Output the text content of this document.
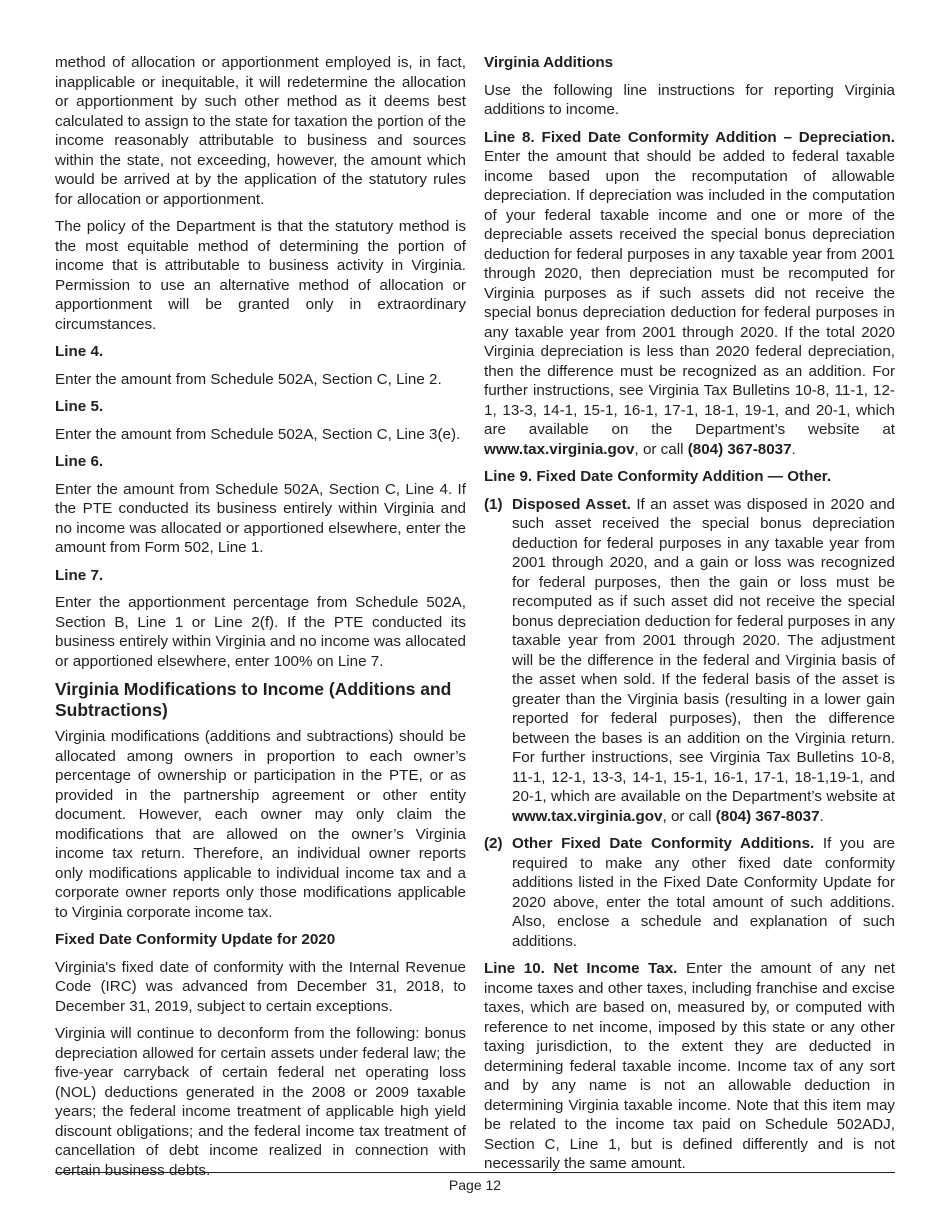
method of allocation or apportionment employed is, in fact, inapplicable or inequitable, it will redetermine the allocation or apportionment by such other method as it deems best calculated to assign to the state for taxation the portion of the income reasonably attributable to business and sources within the state, not exceeding, however, the amount which would be arrived at by the application of the statutory rules for allocation or apportionment.

The policy of the Department is that the statutory method is the most equitable method of determining the portion of income that is attributable to business activity in Virginia. Permission to use an alternative method of allocation or apportionment will be granted only in extraordinary circumstances.

Line 4.

Enter the amount from Schedule 502A, Section C, Line 2.

Line 5.

Enter the amount from Schedule 502A, Section C, Line 3(e).

Line 6.

Enter the amount from Schedule 502A, Section C, Line 4. If the PTE conducted its business entirely within Virginia and no income was allocated or apportioned elsewhere, enter the amount from Form 502, Line 1.

Line 7.

Enter the apportionment percentage from Schedule 502A, Section B, Line 1 or Line 2(f). If the PTE conducted its business entirely within Virginia and no income was allocated or apportioned elsewhere, enter 100% on Line 7.

Virginia Modifications to Income (Additions and Subtractions)

Virginia modifications (additions and subtractions) should be allocated among owners in proportion to each owner’s percentage of ownership or participation in the PTE, or as provided in the partnership agreement or other entity document. However, each owner may only claim the modifications that are allowed on the owner’s Virginia income tax return. Therefore, an individual owner reports only modifications applicable to individual income tax and a corporate owner reports only those modifications applicable to Virginia corporate income tax.

Fixed Date Conformity Update for 2020

Virginia's fixed date of conformity with the Internal Revenue Code (IRC) was advanced from December 31, 2018, to December 31, 2019, subject to certain exceptions.

Virginia will continue to deconform from the following: bonus depreciation allowed for certain assets under federal law; the five-year carryback of certain federal net operating loss (NOL) deductions generated in the 2008 or 2009 taxable years; the federal income treatment of applicable high yield discount obligations; and the federal income tax treatment of cancellation of debt income realized in connection with certain business debts.

Virginia Additions

Use the following line instructions for reporting Virginia additions to income.

Line 8. Fixed Date Conformity Addition – Depreciation. Enter the amount that should be added to federal taxable income based upon the recomputation of allowable depreciation. If depreciation was included in the computation of your federal taxable income and one or more of the depreciable assets received the special bonus depreciation deduction for federal purposes in any taxable year from 2001 through 2020, then depreciation must be recomputed for Virginia purposes as if such assets did not receive the special bonus depreciation deduction for federal purposes in any taxable year from 2001 through 2020. If the total 2020 Virginia depreciation is less than 2020 federal depreciation, then the difference must be recognized as an addition. For further instructions, see Virginia Tax Bulletins 10-8, 11-1, 12-1, 13-3, 14-1, 15-1, 16-1, 17-1, 18-1, 19-1, and 20-1, which are available on the Department’s website at www.tax.virginia.gov, or call (804) 367-8037.

Line 9. Fixed Date Conformity Addition — Other.
(1) Disposed Asset. If an asset was disposed in 2020 and such asset received the special bonus depreciation deduction for federal purposes in any taxable year from 2001 through 2020, and a gain or loss was recognized for federal purposes, then the gain or loss must be recomputed as if such asset did not receive the special bonus depreciation deduction for federal purposes in any taxable year from 2001 through 2020. The adjustment will be the difference in the federal and Virginia basis of the asset when sold. If the federal basis of the asset is greater than the Virginia basis (resulting in a lower gain reported for federal purposes), then the difference between the bases is an addition on the Virginia return. For further instructions, see Virginia Tax Bulletins 10-8, 11-1, 12-1, 13-3, 14-1, 15-1, 16-1, 17-1, 18-1,19-1, and 20-1, which are available on the Department’s website at www.tax.virginia.gov, or call (804) 367-8037.

(2) Other Fixed Date Conformity Additions. If you are required to make any other fixed date conformity additions listed in the Fixed Date Conformity Update for 2020 above, enter the total amount of such additions. Also, enclose a schedule and explanation of such additions.

Line 10. Net Income Tax. Enter the amount of any net income taxes and other taxes, including franchise and excise taxes, which are based on, measured by, or computed with reference to net income, imposed by this state or any other taxing jurisdiction, to the extent they are deducted in determining federal taxable income. Income tax of any sort and by any name is not an allowable deduction in determining Virginia taxable income. Note that this item may be related to the income tax paid on Schedule 502ADJ, Section C, Line 1, but is defined differently and is not necessarily the same amount.

Page 12
